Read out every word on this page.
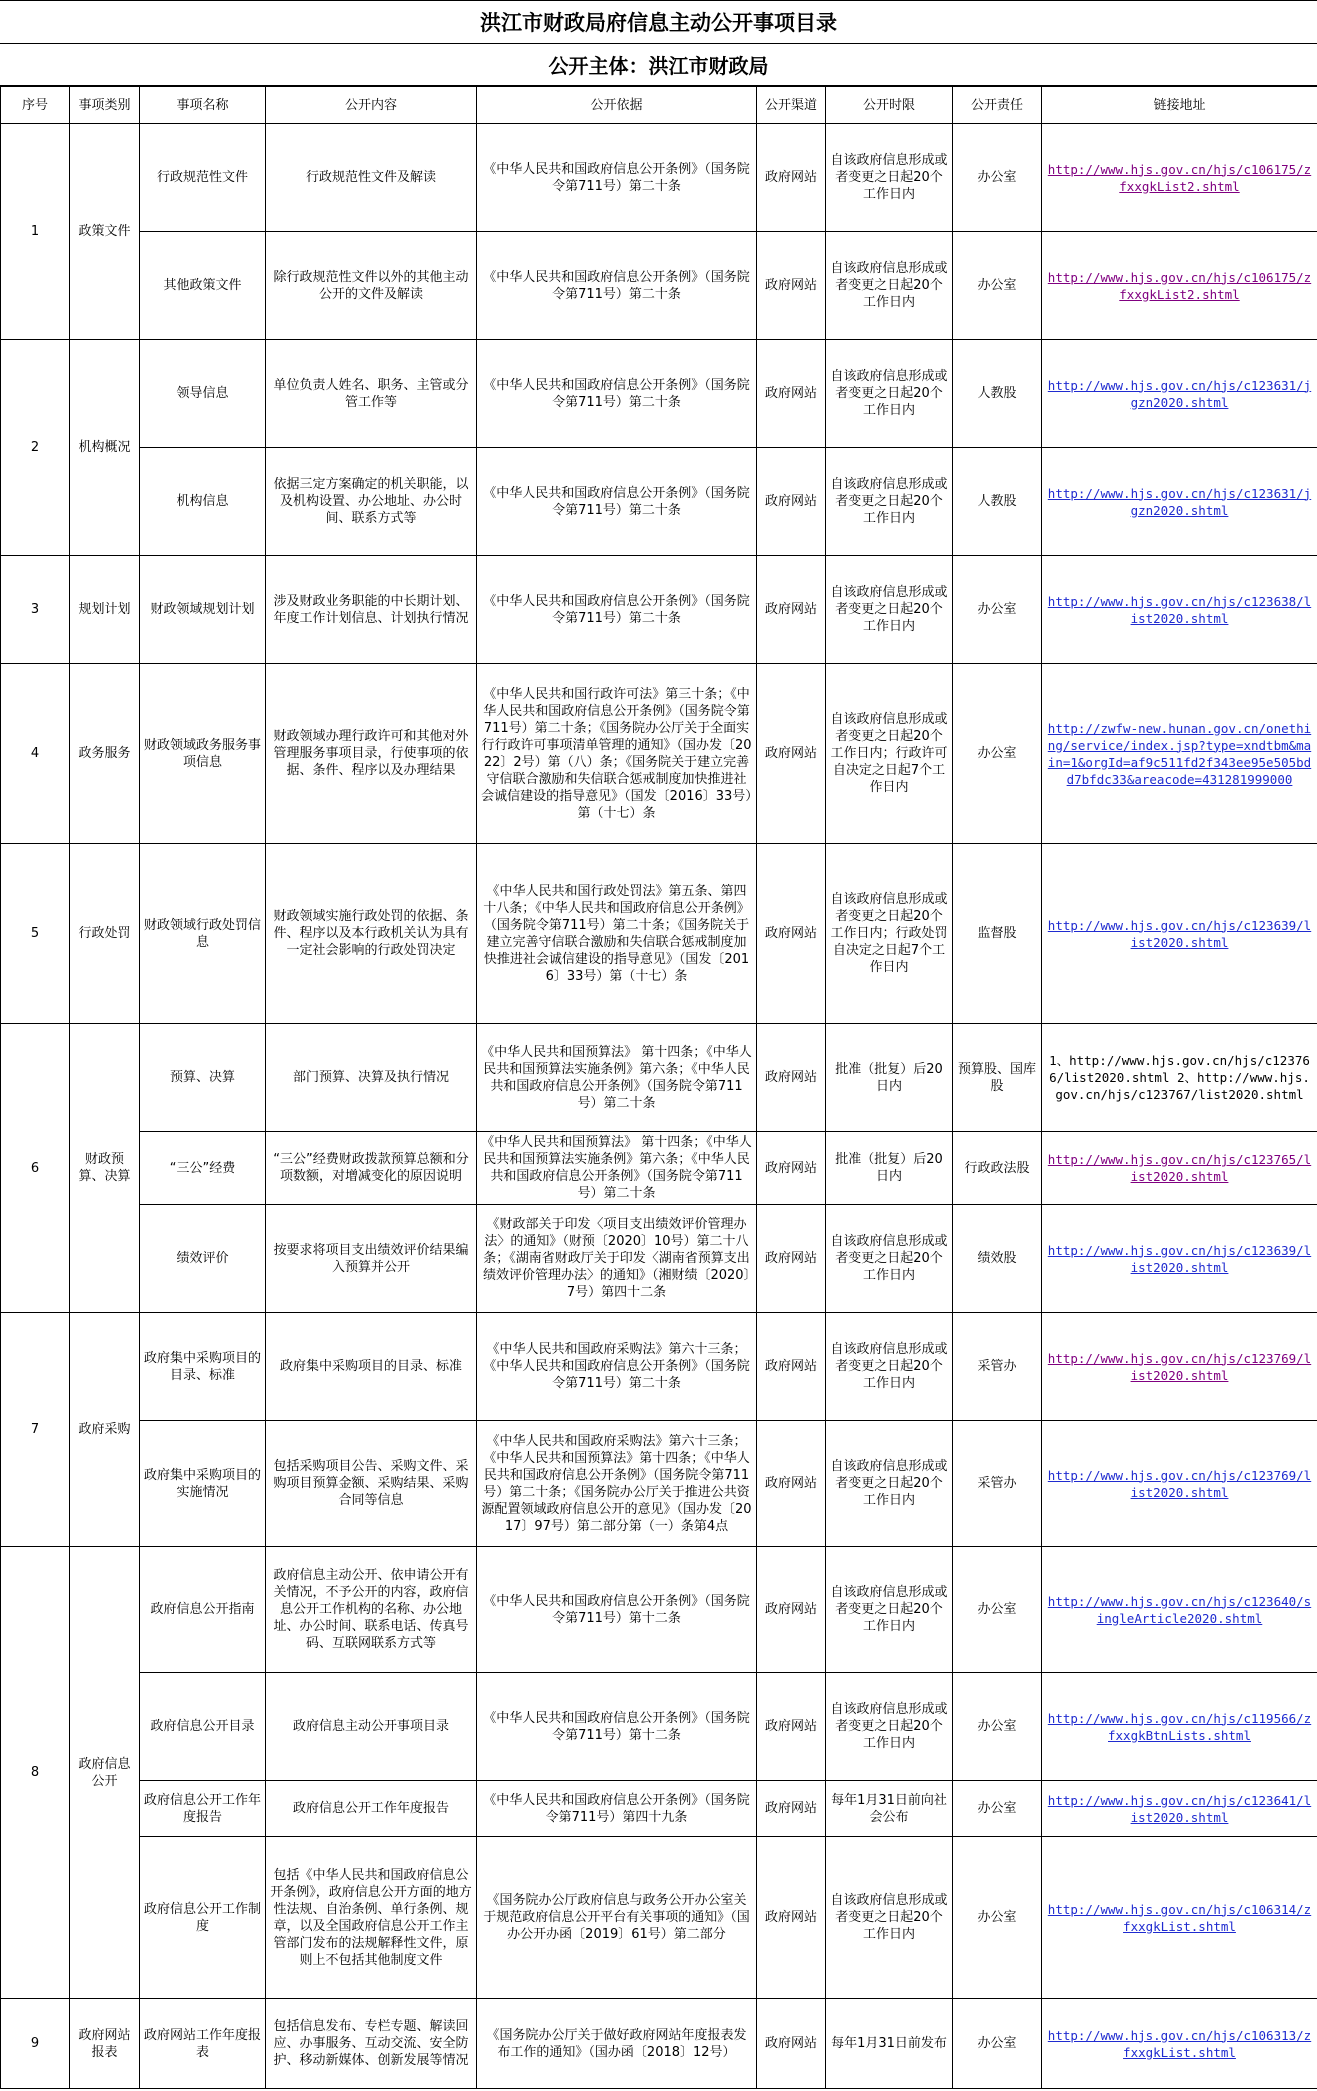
洪江市财政局府信息主动公开事项目录
公开主体：洪江市财政局
序号	事项类别	事项名称	公开内容	公开依据	公开渠道	公开时限	公开责任	链接地址
1	政策文件	行政规范性文件	行政规范性文件及解读	《中华人民共和国政府信息公开条例》（国务院令第711号）第二十条	政府网站	自该政府信息形成或者变更之日起20个工作日内	办公室	http://www.hjs.gov.cn/hjs/c106175/zfxxgkList2.shtml
		其他政策文件	除行政规范性文件以外的其他主动公开的文件及解读	《中华人民共和国政府信息公开条例》（国务院令第711号）第二十条	政府网站	自该政府信息形成或者变更之日起20个工作日内	办公室	http://www.hjs.gov.cn/hjs/c106175/zfxxgkList2.shtml
2	机构概况	领导信息	单位负责人姓名、职务、主管或分管工作等	《中华人民共和国政府信息公开条例》（国务院令第711号）第二十条	政府网站	自该政府信息形成或者变更之日起20个工作日内	人教股	http://www.hjs.gov.cn/hjs/c123631/jgzn2020.shtml
		机构信息	依据三定方案确定的机关职能，以及机构设置、办公地址、办公时间、联系方式等	《中华人民共和国政府信息公开条例》（国务院令第711号）第二十条	政府网站	自该政府信息形成或者变更之日起20个工作日内	人教股	http://www.hjs.gov.cn/hjs/c123631/jgzn2020.shtml
3	规划计划	财政领域规划计划	涉及财政业务职能的中长期计划、年度工作计划信息、计划执行情况	《中华人民共和国政府信息公开条例》（国务院令第711号）第二十条	政府网站	自该政府信息形成或者变更之日起20个工作日内	办公室	http://www.hjs.gov.cn/hjs/c123638/list2020.shtml
4	政务服务	财政领域政务服务事项信息	财政领域办理行政许可和其他对外管理服务事项目录，行使事项的依据、条件、程序以及办理结果	《中华人民共和国行政许可法》第三十条；《中华人民共和国政府信息公开条例》（国务院令第711号）第二十条；《国务院办公厅关于全面实行行政许可事项清单管理的通知》（国办发〔2022〕2号）第（八）条；《国务院关于建立完善守信联合激励和失信联合惩戒制度加快推进社会诚信建设的指导意见》（国发〔2016〕33号）第（十七）条	政府网站	自该政府信息形成或者变更之日起20个工作日内；行政许可自决定之日起7个工作日内	办公室	http://zwfw-new.hunan.gov.cn/onething/service/index.jsp?type=xndtbm&main=1&orgId=af9c511fd2f343ee95e505bdd7bfdc33&areacode=431281999000
5	行政处罚	财政领域行政处罚信息	财政领域实施行政处罚的依据、条件、程序以及本行政机关认为具有一定社会影响的行政处罚决定	《中华人民共和国行政处罚法》第五条、第四十八条；《中华人民共和国政府信息公开条例》（国务院令第711号）第二十条；《国务院关于建立完善守信联合激励和失信联合惩戒制度加快推进社会诚信建设的指导意见》（国发〔2016〕33号）第（十七）条	政府网站	自该政府信息形成或者变更之日起20个工作日内；行政处罚自决定之日起7个工作日内	监督股	http://www.hjs.gov.cn/hjs/c123639/list2020.shtml
6	财政预算、决算	预算、决算	部门预算、决算及执行情况	《中华人民共和国预算法》 第十四条；《中华人民共和国预算法实施条例》第六条；《中华人民共和国政府信息公开条例》（国务院令第711号）第二十条	政府网站	批准（批复）后20日内	预算股、国库股	1、http://www.hjs.gov.cn/hjs/c123766/list2020.shtml 2、http://www.hjs.gov.cn/hjs/c123767/list2020.shtml
		“三公”经费	“三公”经费财政拨款预算总额和分项数额，对增减变化的原因说明	《中华人民共和国预算法》 第十四条；《中华人民共和国预算法实施条例》第六条；《中华人民共和国政府信息公开条例》（国务院令第711号）第二十条	政府网站	批准（批复）后20日内	行政政法股	http://www.hjs.gov.cn/hjs/c123765/list2020.shtml
		绩效评价	按要求将项目支出绩效评价结果编入预算并公开	《财政部关于印发〈项目支出绩效评价管理办法〉的通知》（财预〔2020〕10号）第二十八条；《湖南省财政厅关于印发〈湖南省预算支出绩效评价管理办法〉的通知》（湘财绩〔2020〕7号）第四十二条	政府网站	自该政府信息形成或者变更之日起20个工作日内	绩效股	http://www.hjs.gov.cn/hjs/c123639/list2020.shtml
7	政府采购	政府集中采购项目的目录、标准	政府集中采购项目的目录、标准	《中华人民共和国政府采购法》第六十三条；《中华人民共和国政府信息公开条例》（国务院令第711号）第二十条	政府网站	自该政府信息形成或者变更之日起20个工作日内	采管办	http://www.hjs.gov.cn/hjs/c123769/list2020.shtml
		政府集中采购项目的实施情况	包括采购项目公告、采购文件、采购项目预算金额、采购结果、采购合同等信息	《中华人民共和国政府采购法》第六十三条；《中华人民共和国预算法》第十四条；《中华人民共和国政府信息公开条例》（国务院令第711号）第二十条；《国务院办公厅关于推进公共资源配置领域政府信息公开的意见》（国办发〔2017〕97号）第二部分第（一）条第4点	政府网站	自该政府信息形成或者变更之日起20个工作日内	采管办	http://www.hjs.gov.cn/hjs/c123769/list2020.shtml
8	政府信息公开	政府信息公开指南	政府信息主动公开、依申请公开有关情况，不予公开的内容，政府信息公开工作机构的名称、办公地址、办公时间、联系电话、传真号码、互联网联系方式等	《中华人民共和国政府信息公开条例》（国务院令第711号）第十二条	政府网站	自该政府信息形成或者变更之日起20个工作日内	办公室	http://www.hjs.gov.cn/hjs/c123640/singleArticle2020.shtml
		政府信息公开目录	政府信息主动公开事项目录	《中华人民共和国政府信息公开条例》（国务院令第711号）第十二条	政府网站	自该政府信息形成或者变更之日起20个工作日内	办公室	http://www.hjs.gov.cn/hjs/c119566/zfxxgkBtnLists.shtml
		政府信息公开工作年度报告	政府信息公开工作年度报告	《中华人民共和国政府信息公开条例》（国务院令第711号）第四十九条	政府网站	每年1月31日前向社会公布	办公室	http://www.hjs.gov.cn/hjs/c123641/list2020.shtml
		政府信息公开工作制度	包括《中华人民共和国政府信息公开条例》，政府信息公开方面的地方性法规、自治条例、单行条例、规章，以及全国政府信息公开工作主管部门发布的法规解释性文件，原则上不包括其他制度文件	《国务院办公厅政府信息与政务公开办公室关于规范政府信息公开平台有关事项的通知》（国办公开办函〔2019〕61号）第二部分	政府网站	自该政府信息形成或者变更之日起20个工作日内	办公室	http://www.hjs.gov.cn/hjs/c106314/zfxxgkList.shtml
9	政府网站报表	政府网站工作年度报表	包括信息发布、专栏专题、解读回应、办事服务、互动交流、安全防护、移动新媒体、创新发展等情况	《国务院办公厅关于做好政府网站年度报表发布工作的通知》（国办函〔2018〕12号）	政府网站	每年1月31日前发布	办公室	http://www.hjs.gov.cn/hjs/c106313/zfxxgkList.shtml
